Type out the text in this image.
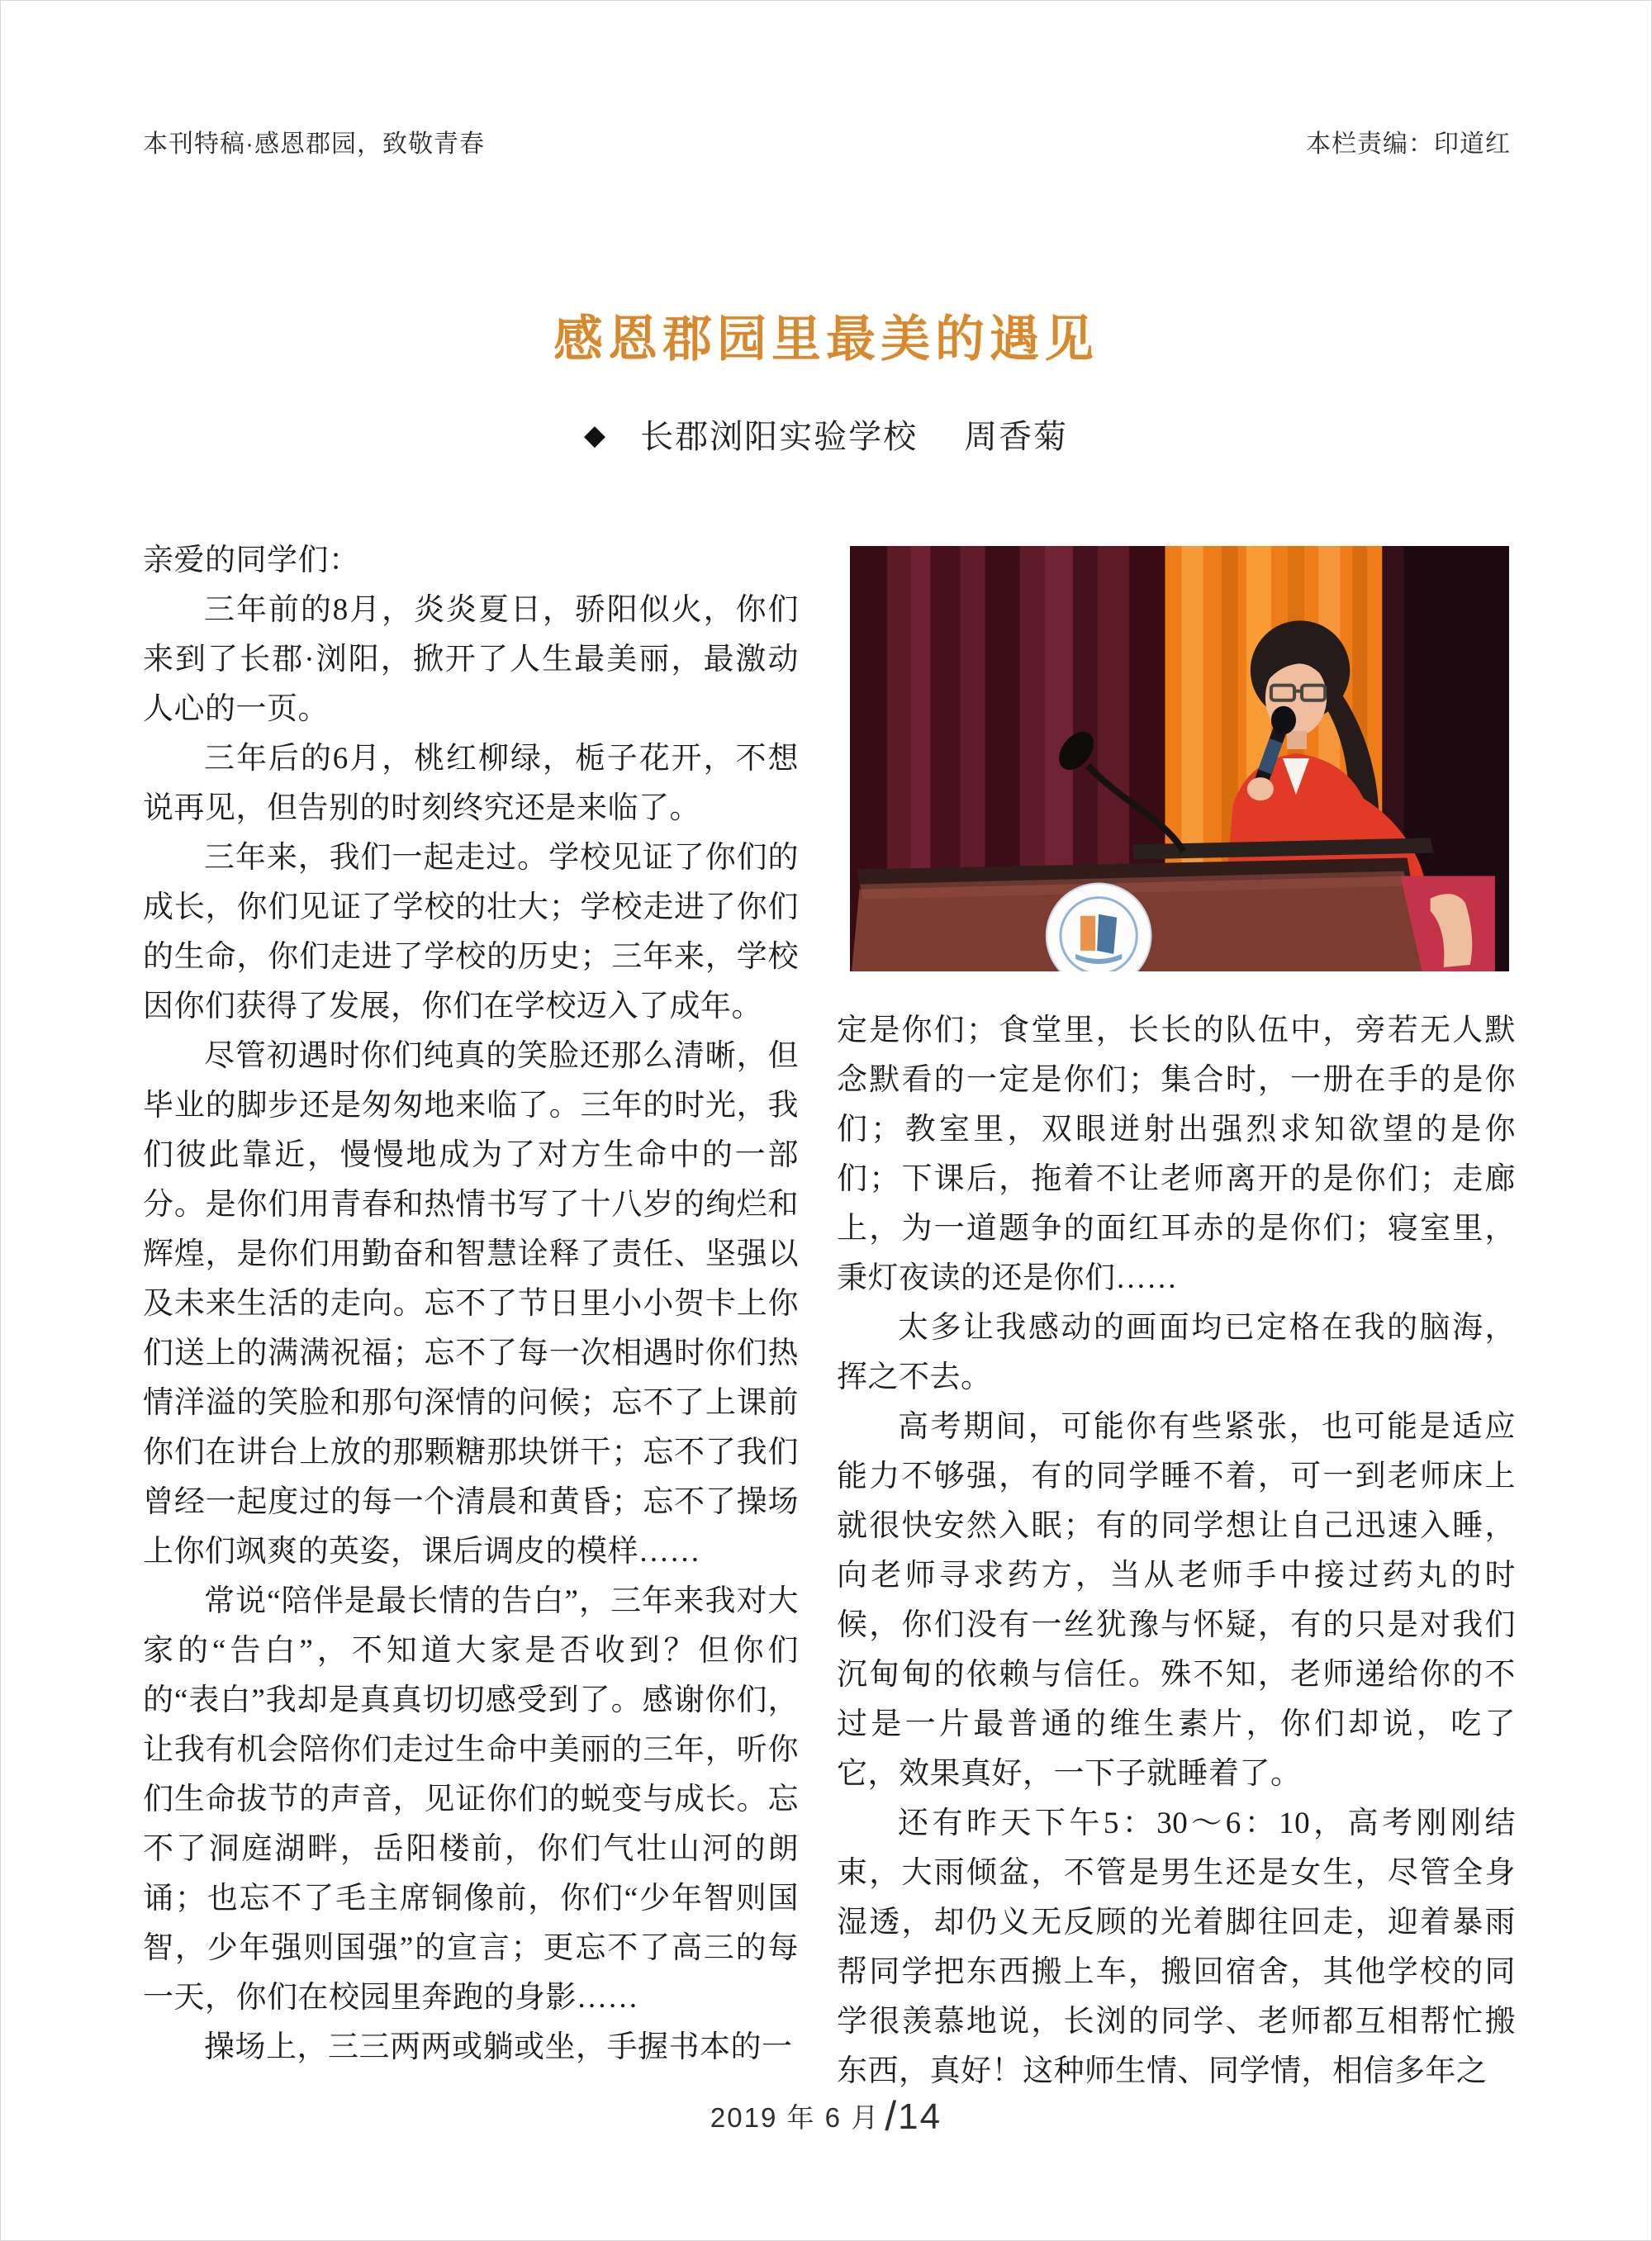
本刊特稿·感恩郡园，致敬青春	本栏责编：印道红
感恩郡园里最美的遇见
◆ 长郡浏阳实验学校 周香菊

亲爱的同学们：

三年前的8月，炎炎夏日，骄阳似火，你们来到了长郡·浏阳，掀开了人生最美丽，最激动人心的一页。

三年后的6月，桃红柳绿，栀子花开，不想说再见，但告别的时刻终究还是来临了。

三年来，我们一起走过。学校见证了你们的成长，你们见证了学校的壮大；学校走进了你们的生命，你们走进了学校的历史；三年来，学校因你们获得了发展，你们在学校迈入了成年。

尽管初遇时你们纯真的笑脸还那么清晰，但毕业的脚步还是匆匆地来临了。三年的时光，我们彼此靠近，慢慢地成为了对方生命中的一部分。是你们用青春和热情书写了十八岁的绚烂和辉煌，是你们用勤奋和智慧诠释了责任、坚强以及未来生活的走向。忘不了节日里小小贺卡上你们送上的满满祝福；忘不了每一次相遇时你们热情洋溢的笑脸和那句深情的问候；忘不了上课前你们在讲台上放的那颗糖那块饼干；忘不了我们曾经一起度过的每一个清晨和黄昏；忘不了操场上你们飒爽的英姿，课后调皮的模样……

常说“陪伴是最长情的告白”，三年来我对大家的“告白”，不知道大家是否收到？但你们的“表白”我却是真真切切感受到了。感谢你们，让我有机会陪你们走过生命中美丽的三年，听你们生命拔节的声音，见证你们的蜕变与成长。忘不了洞庭湖畔，岳阳楼前，你们气壮山河的朗诵；也忘不了毛主席铜像前，你们“少年智则国智，少年强则国强”的宣言；更忘不了高三的每一天，你们在校园里奔跑的身影……

操场上，三三两两或躺或坐，手握书本的一

定是你们；食堂里，长长的队伍中，旁若无人默念默看的一定是你们；集合时，一册在手的是你们；教室里，双眼迸射出强烈求知欲望的是你们；下课后，拖着不让老师离开的是你们；走廊上，为一道题争的面红耳赤的是你们；寝室里，秉灯夜读的还是你们……

太多让我感动的画面均已定格在我的脑海，挥之不去。

高考期间，可能你有些紧张，也可能是适应能力不够强，有的同学睡不着，可一到老师床上就很快安然入眠；有的同学想让自己迅速入睡，向老师寻求药方，当从老师手中接过药丸的时候，你们没有一丝犹豫与怀疑，有的只是对我们沉甸甸的依赖与信任。殊不知，老师递给你的不过是一片最普通的维生素片，你们却说，吃了它，效果真好，一下子就睡着了。

还有昨天下午5：30～6：10，高考刚刚结束，大雨倾盆，不管是男生还是女生，尽管全身湿透，却仍义无反顾的光着脚往回走，迎着暴雨帮同学把东西搬上车，搬回宿舍，其他学校的同学很羡慕地说，长浏的同学、老师都互相帮忙搬东西，真好！这种师生情、同学情，相信多年之

2019 年 6 月 /14
